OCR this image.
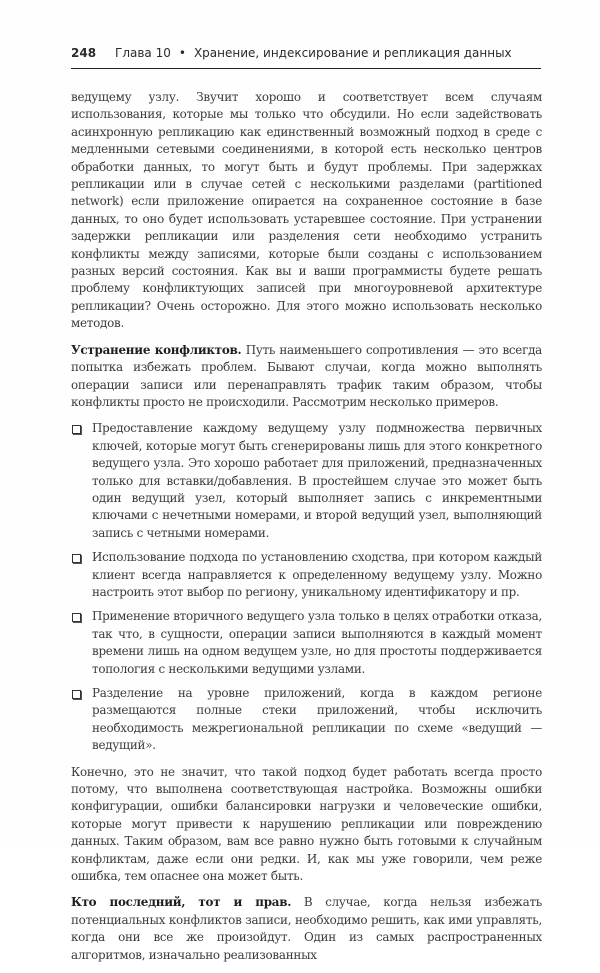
248	Глава 10 • Хранение, индексирование и репликация данных

ведущему узлу. Звучит хорошо и соответствует всем случаям использования, которые мы только что обсудили. Но если задействовать асинхронную репликацию как единственный возможный подход в среде с медленными сетевыми соединениями, в которой есть несколько центров обработки данных, то могут быть и будут проблемы. При задержках репликации или в случае сетей с несколькими разделами (partitioned network) если приложение опирается на сохраненное состояние в базе данных, то оно будет использовать устаревшее состояние. При устранении задержки репликации или разделения сети необходимо устранить конфликты между записями, которые были созданы с использованием разных версий состояния. Как вы и ваши программисты будете решать проблему конфликтующих записей при многоуровневой архитектуре репликации? Очень осторожно. Для этого можно использовать несколько методов.

Устранение конфликтов. Путь наименьшего сопротивления — это всегда попытка избежать проблем. Бывают случаи, когда можно выполнять операции записи или перенаправлять трафик таким образом, чтобы конфликты просто не происходили. Рассмотрим несколько примеров.

Предоставление каждому ведущему узлу подмножества первичных ключей, которые могут быть сгенерированы лишь для этого конкретного ведущего узла. Это хорошо работает для приложений, предназначенных только для вставки/добавления. В простейшем случае это может быть один ведущий узел, который выполняет запись с инкрементными ключами с нечетными номерами, и второй ведущий узел, выполняющий запись с четными номерами.
Использование подхода по установлению сходства, при котором каждый клиент всегда направляется к определенному ведущему узлу. Можно настроить этот выбор по региону, уникальному идентификатору и пр.
Применение вторичного ведущего узла только в целях отработки отказа, так что, в сущности, операции записи выполняются в каждый момент времени лишь на одном ведущем узле, но для простоты поддерживается топология с несколькими ведущими узлами.
Разделение на уровне приложений, когда в каждом регионе размещаются полные стеки приложений, чтобы исключить необходимость межрегиональной репликации по схеме «ведущий — ведущий».

Конечно, это не значит, что такой подход будет работать всегда просто потому, что выполнена соответствующая настройка. Возможны ошибки конфигурации, ошибки балансировки нагрузки и человеческие ошибки, которые могут привести к нарушению репликации или повреждению данных. Таким образом, вам все равно нужно быть готовыми к случайным конфликтам, даже если они редки. И, как мы уже говорили, чем реже ошибка, тем опаснее она может быть.

Кто последний, тот и прав. В случае, когда нельзя избежать потенциальных конфликтов записи, необходимо решить, как ими управлять, когда они все же произойдут. Один из самых распространенных алгоритмов, изначально реализованных
